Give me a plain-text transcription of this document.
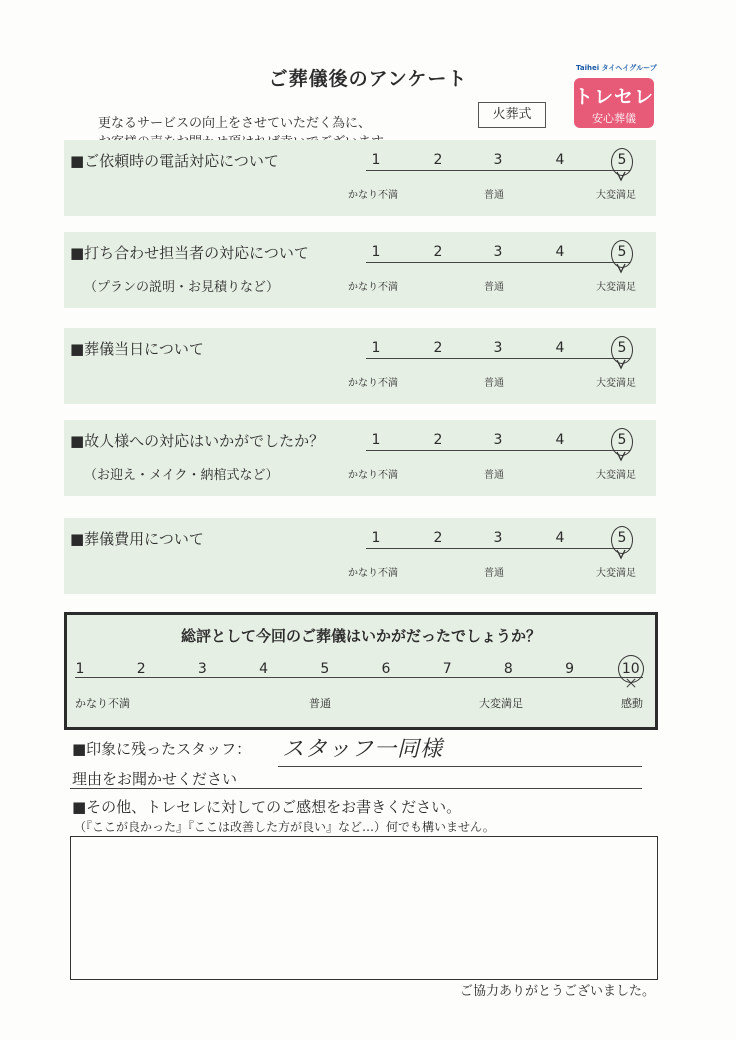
ご葬儀後のアンケート
更なるサービスの向上をさせていただく為に、
火葬式
Taihei タイヘイグループ
トレセレ
安心葬儀
■ご依頼時の電話対応について	1	2	3	4	5
かなり不満	普通	大変満足
■打ち合わせ担当者の対応について
（プランの説明・お見積りなど）
1	2	3	4	5
かなり不満	普通	大変満足
■葬儀当日について	1	2	3	4	5
かなり不満	普通	大変満足
■故人様への対応はいかがでしたか？
（お迎え・メイク・納棺式など）
1	2	3	4	5
かなり不満	普通	大変満足
■葬儀費用について	1	2	3	4	5
かなり不満	普通	大変満足
総評として今回のご葬儀はいかがだったでしょうか？
1	2	3	4	5	6	7	8	9	10
かなり不満	普通	大変満足	感動
■印象に残ったスタッフ： スタッフ一同様
理由をお聞かせください
■その他、トレセレに対してのご感想をお書きください。
（『ここが良かった』『ここは改善した方が良い』など…）何でも構いません。
ご協力ありがとうございました。
